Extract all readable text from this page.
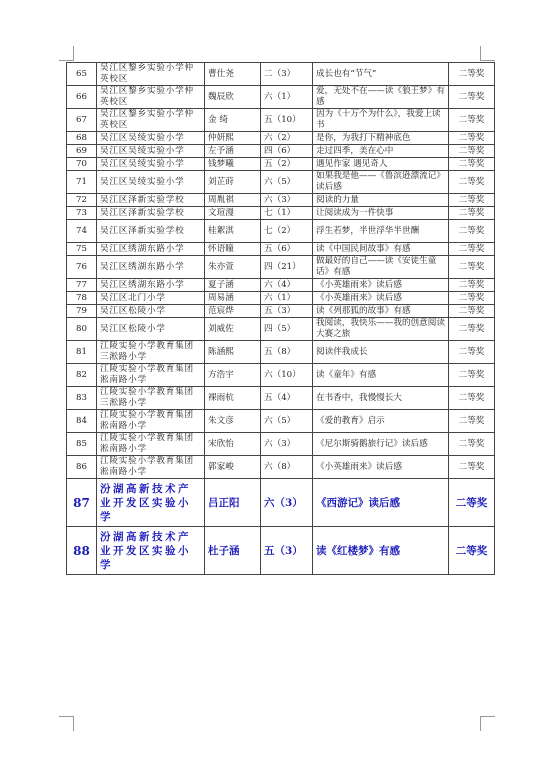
65	吴江区黎乡实验小学仲英校区	曹仕尧	二（3）	成长也有“节气”	二等奖
66	吴江区黎乡实验小学仲英校区	魏辰欣	六（1）	爱，无处不在——读《狼王梦》有感	二等奖
67	吴江区黎乡实验小学仲英校区	金 绮	五（10）	因为《十万个为什么》，我爱上读书	二等奖
68	吴江区吴绫实验小学	仲妍熙	六（2）	是你，为我打下精神底色	二等奖
69	吴江区吴绫实验小学	左予涵	四（6）	走过四季，美在心中	二等奖
70	吴江区吴绫实验小学	钱梦曦	五（2）	遇见作家 遇见奇人	二等奖
71	吴江区吴绫实验小学	刘芷莳	六（5）	如果我是他——《鲁滨逊漂流记》读后感	二等奖
72	吴江区泽新实验学校	周胤祺	六（3）	阅读的力量	二等奖
73	吴江区泽新实验学校	文瑄漫	七（1）	让阅读成为一件快事	二等奖
74	吴江区泽新实验学校	桂絮淇	七（2）	浮生若梦，半世浮华半世酬	二等奖
75	吴江区绣湖东路小学	怀语瞳	五（6）	读《中国民间故事》有感	二等奖
76	吴江区绣湖东路小学	朱亦萱	四（21）	做最好的自己——读《安徒生童话》有感	二等奖
77	吴江区绣湖东路小学	夏子涵	六（4）	《小英雄雨来》读后感	二等奖
78	吴江区北门小学	周易涵	六（1）	《小英雄雨来》读后感	二等奖
79	吴江区松陵小学	范宸烨	五（3）	读《列那狐的故事》有感	二等奖
80	吴江区松陵小学	刘威佐	四（5）	我阅读，我快乐——我的创意阅读大赛之旅	二等奖
81	江陵实验小学教育集团三淞路小学	陈涵熙	五（8）	阅读伴我成长	二等奖
82	江陵实验小学教育集团淞南路小学	方浩宇	六（10）	读《童年》有感	二等奖
83	江陵实验小学教育集团三淞路小学	裸雨杭	五（4）	在书香中，我慢慢长大	二等奖
84	江陵实验小学教育集团淞南路小学	朱文彦	六（5）	《爱的教育》启示	二等奖
85	江陵实验小学教育集团淞南路小学	宋欣怡	六（3）	《尼尔斯骑鹅旅行记》读后感	二等奖
86	江陵实验小学教育集团淞南路小学	郭家峻	六（8）	《小英雄雨来》读后感	二等奖
87	汾湖高新技术产业开发区实验小学	吕正阳	六（3）	《西游记》读后感	二等奖
88	汾湖高新技术产业开发区实验小学	杜子涵	五（3）	读《红楼梦》有感	二等奖
